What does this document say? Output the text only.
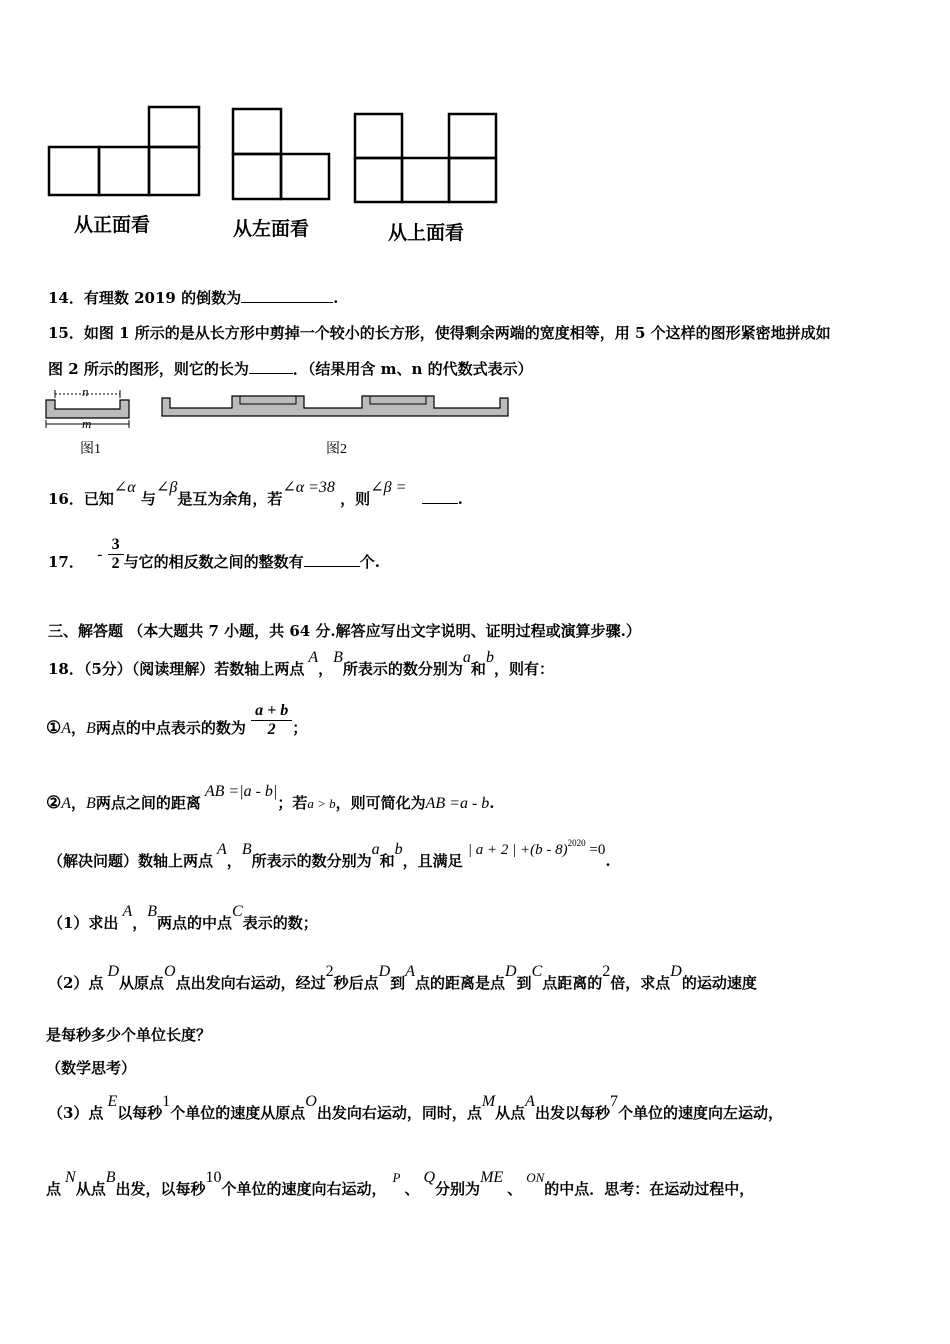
从正面看	从左面看	从上面看
14．有理数 2019 的倒数为	.
15．如图 1 所示的是从长方形中剪掉一个较小的长方形，使得剩余两端的宽度相等，用 5 个这样的图形紧密地拼成如
图 2 所示的图形，则它的长为	．（结果用含 m、n 的代数式表示）
n
m
图1	图2
16．已知∠α 与∠β是互为余角，若∠α =38 ，则∠β = .
17． - $\frac{3}{2}$ 与它的相反数之间的整数有	个.
三、解答题 （本大题共 7 小题，共 64 分.解答应写出文字说明、证明过程或演算步骤.）
18．（5分）（阅读理解）若数轴上两点A，B所表示的数分别为a和b，则有：
①A，B两点的中点表示的数为 $\frac{a + b}{2}$ ；
②A，B两点之间的距离AB =|a - b|；若a > b，则可简化为AB =a - b.
（解决问题）数轴上两点A，B所表示的数分别为a和b，且满足 | a + 2 | +(b - 8)$^{2020}$ =0.
（1）求出A，B两点的中点C表示的数；
（2）点D从原点O点出发向右运动，经过2秒后点D到A点的距离是点D到C点距离的2倍，求点D的运动速度
是每秒多少个单位长度？
（数学思考）
（3）点E以每秒1个单位的速度从原点O出发向右运动，同时，点M从点A出发以每秒7个单位的速度向左运动，
点N从点B出发，以每秒10个单位的速度向右运动，P、Q分别为ME、ON的中点．思考：在运动过程中，
